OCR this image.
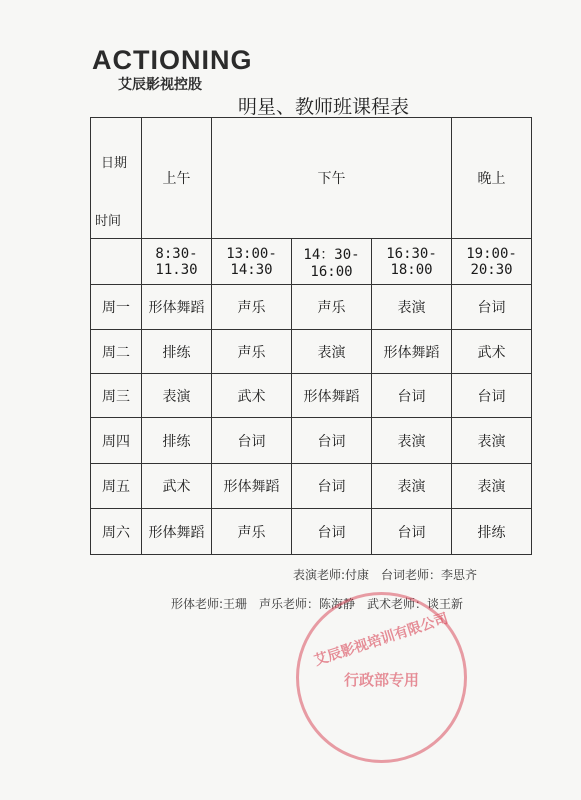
ACTIONING
艾辰影视控股
明星、教师班课程表
日期
时间	上午	下午			晚上
	8:30-11.30	13:00-14:30	14：30-16:00	16:30-18:00	19:00-20:30
周一	形体舞蹈	声乐	声乐	表演	台词
周二	排练	声乐	表演	形体舞蹈	武术
周三	表演	武术	形体舞蹈	台词	台词
周四	排练	台词	台词	表演	表演
周五	武术	形体舞蹈	台词	表演	表演
周六	形体舞蹈	声乐	台词	台词	排练
表演老师:付康　台词老师：李思齐
形体老师:王珊　声乐老师：陈海静　武术老师：谈王新
艾辰影视培训有限公司
行政部专用
